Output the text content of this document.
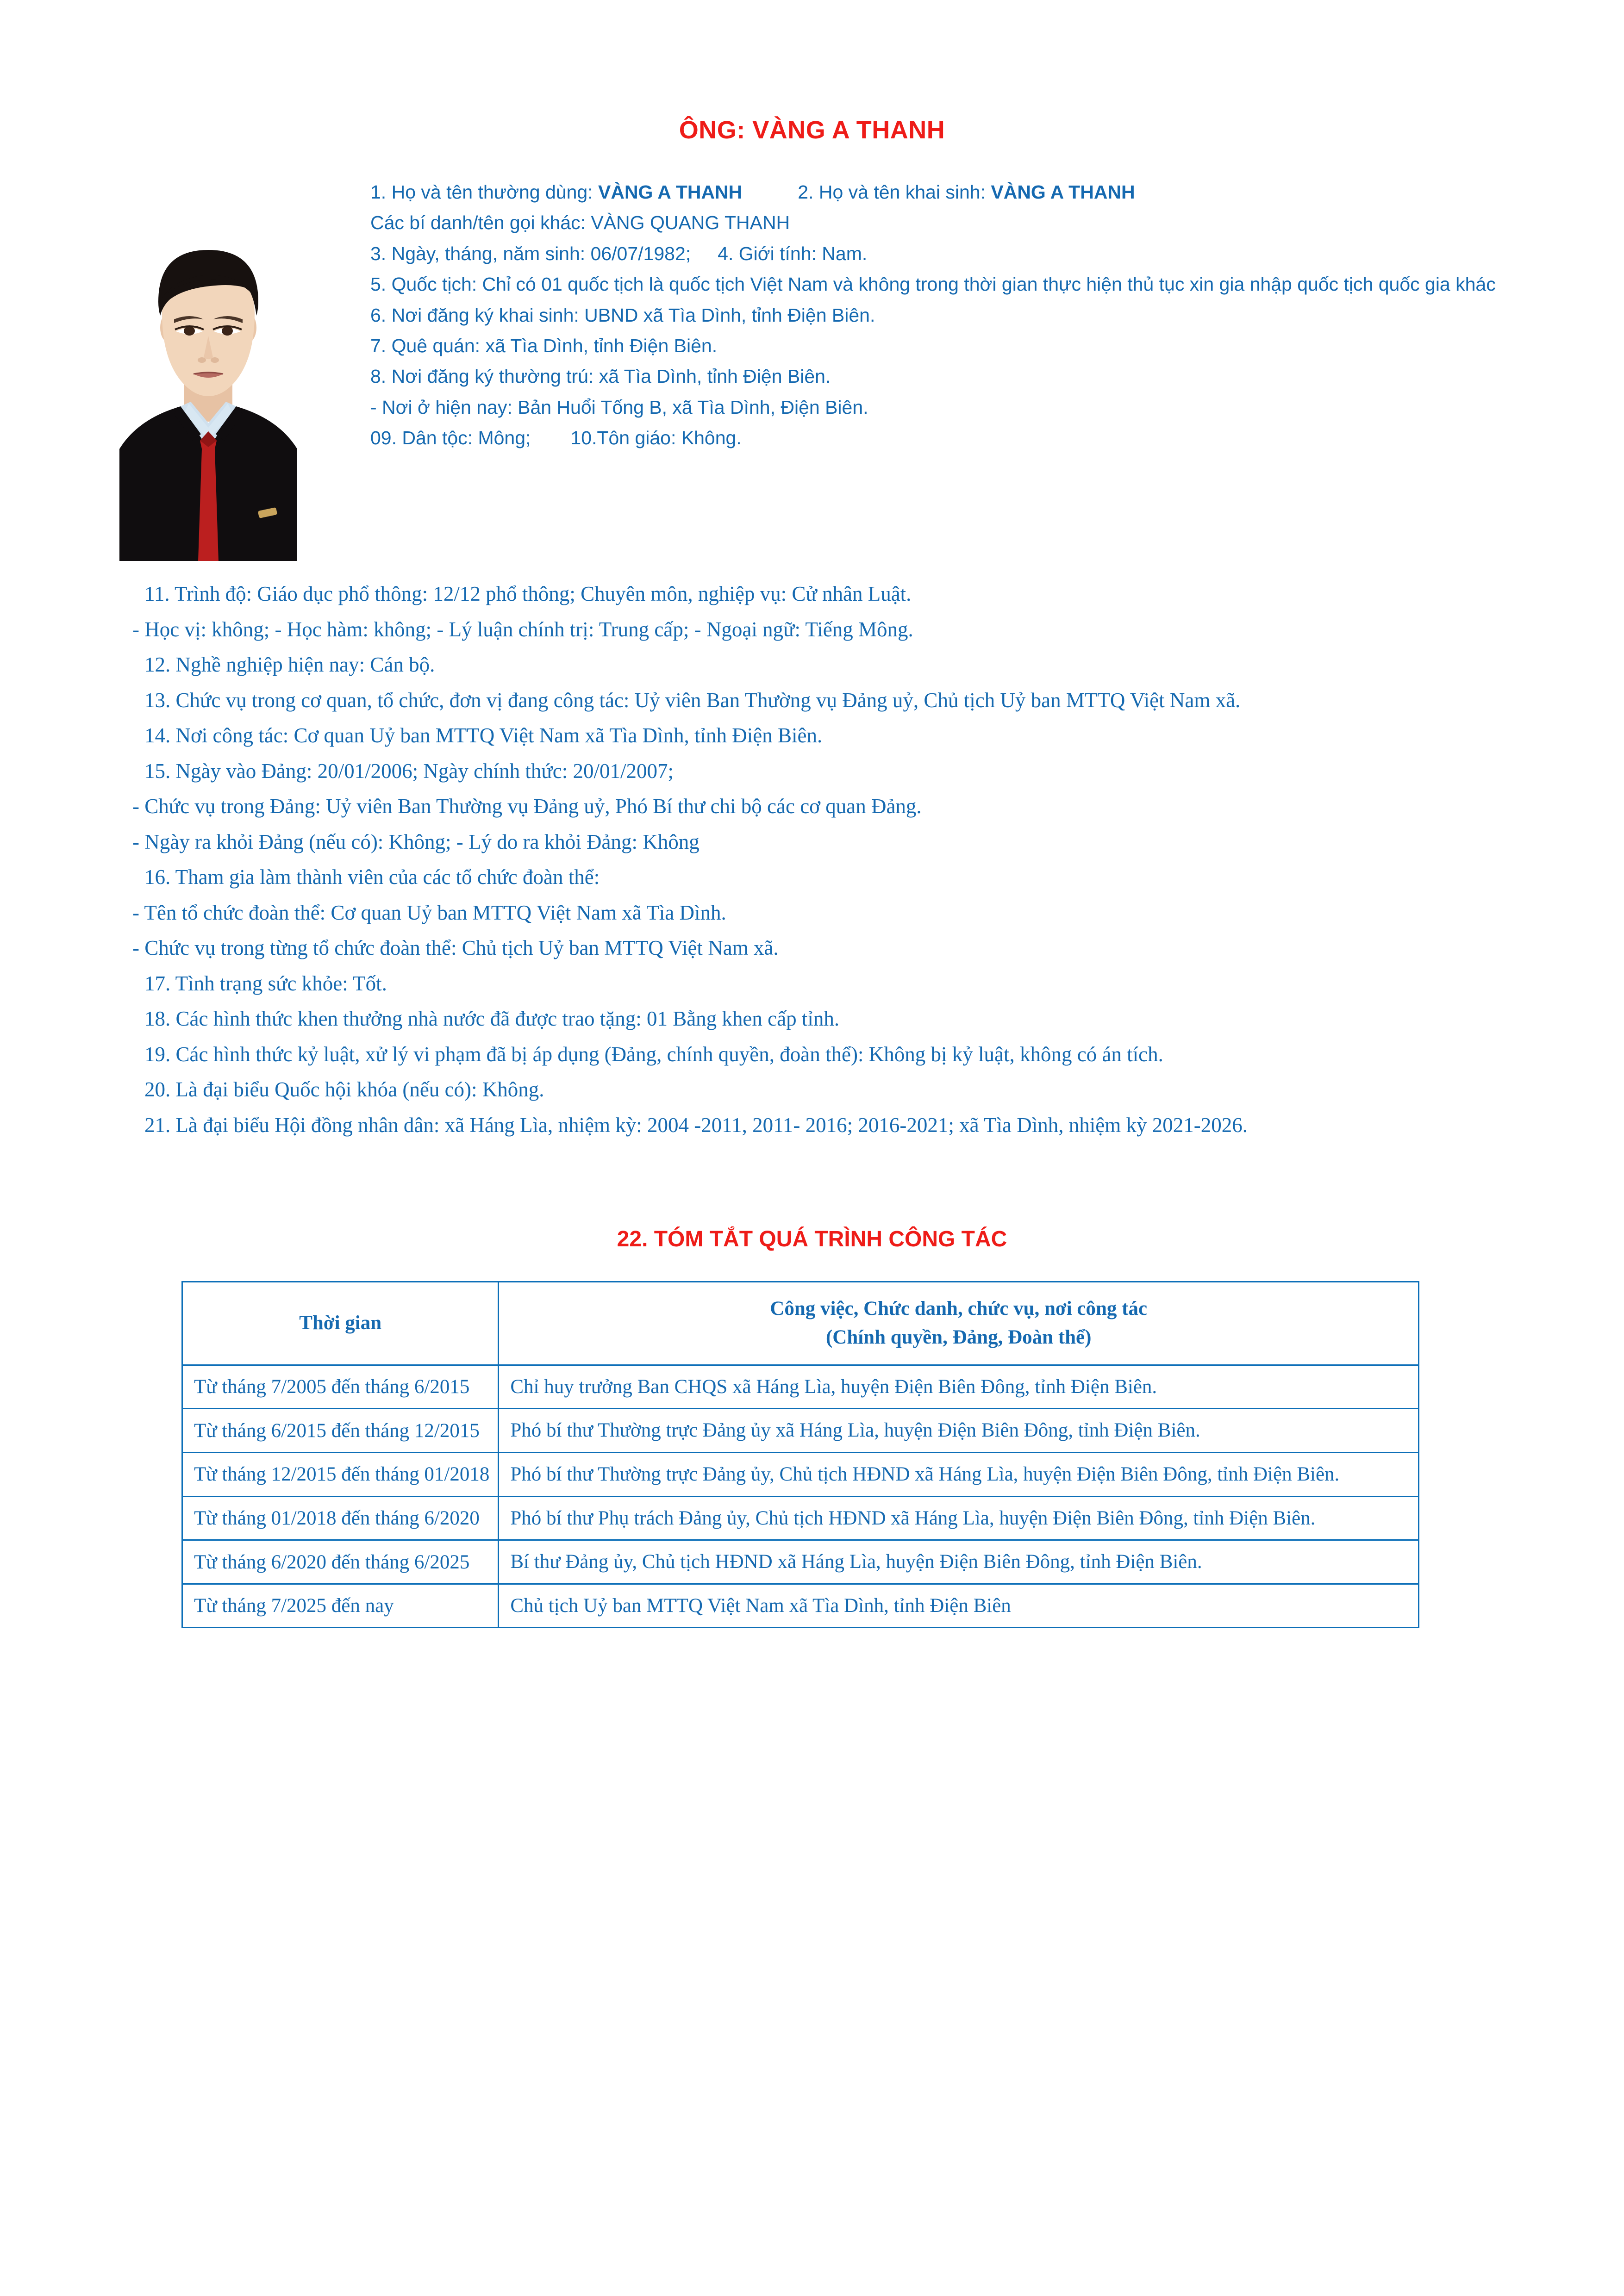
ÔNG: VÀNG A THANH
1. Họ và tên thường dùng: VÀNG A THANH	2. Họ và tên khai sinh: VÀNG A THANH
Các bí danh/tên gọi khác: VÀNG QUANG THANH
3. Ngày, tháng, năm sinh: 06/07/1982; 4. Giới tính: Nam.
5. Quốc tịch: Chỉ có 01 quốc tịch là quốc tịch Việt Nam và không trong thời gian thực hiện thủ tục xin gia nhập quốc tịch quốc gia khác
6. Nơi đăng ký khai sinh: UBND xã Tìa Dình, tỉnh Điện Biên.
7. Quê quán: xã Tìa Dình, tỉnh Điện Biên.
8. Nơi đăng ký thường trú: xã Tìa Dình, tỉnh Điện Biên.
- Nơi ở hiện nay: Bản Huổi Tống B, xã Tìa Dình, Điện Biên.
09. Dân tộc: Mông; 10.Tôn giáo: Không.

11. Trình độ: Giáo dục phổ thông: 12/12 phổ thông; Chuyên môn, nghiệp vụ: Cử nhân Luật.

- Học vị: không; - Học hàm: không; - Lý luận chính trị: Trung cấp; - Ngoại ngữ: Tiếng Mông.

12. Nghề nghiệp hiện nay: Cán bộ.

13. Chức vụ trong cơ quan, tổ chức, đơn vị đang công tác: Uỷ viên Ban Thường vụ Đảng uỷ, Chủ tịch Uỷ ban MTTQ Việt Nam xã.

14. Nơi công tác: Cơ quan Uỷ ban MTTQ Việt Nam xã Tìa Dình, tỉnh Điện Biên.

15. Ngày vào Đảng: 20/01/2006; Ngày chính thức: 20/01/2007;

- Chức vụ trong Đảng: Uỷ viên Ban Thường vụ Đảng uỷ, Phó Bí thư chi bộ các cơ quan Đảng.

- Ngày ra khỏi Đảng (nếu có): Không; - Lý do ra khỏi Đảng: Không

16. Tham gia làm thành viên của các tổ chức đoàn thể:

- Tên tổ chức đoàn thể: Cơ quan Uỷ ban MTTQ Việt Nam xã Tìa Dình.

- Chức vụ trong từng tổ chức đoàn thể: Chủ tịch Uỷ ban MTTQ Việt Nam xã.

17. Tình trạng sức khỏe: Tốt.

18. Các hình thức khen thưởng nhà nước đã được trao tặng: 01 Bằng khen cấp tỉnh.

19. Các hình thức kỷ luật, xử lý vi phạm đã bị áp dụng (Đảng, chính quyền, đoàn thể): Không bị kỷ luật, không có án tích.

20. Là đại biểu Quốc hội khóa (nếu có): Không.

21. Là đại biểu Hội đồng nhân dân: xã Háng Lìa, nhiệm kỳ: 2004 -2011, 2011- 2016; 2016-2021; xã Tìa Dình, nhiệm kỳ 2021-2026.

22. TÓM TẮT QUÁ TRÌNH CÔNG TÁC
Thời gian	Công việc, Chức danh, chức vụ, nơi công tác
(Chính quyền, Đảng, Đoàn thể)

Từ tháng 7/2005 đến tháng 6/2015	Chỉ huy trưởng Ban CHQS xã Háng Lìa, huyện Điện Biên Đông, tỉnh Điện Biên.
Từ tháng 6/2015 đến tháng 12/2015	Phó bí thư Thường trực Đảng ủy xã Háng Lìa, huyện Điện Biên Đông, tỉnh Điện Biên.
Từ tháng 12/2015 đến tháng 01/2018	Phó bí thư Thường trực Đảng ủy, Chủ tịch HĐND xã Háng Lìa, huyện Điện Biên Đông, tỉnh Điện Biên.
Từ tháng 01/2018 đến tháng 6/2020	Phó bí thư Phụ trách Đảng ủy, Chủ tịch HĐND xã Háng Lìa, huyện Điện Biên Đông, tỉnh Điện Biên.
Từ tháng 6/2020 đến tháng 6/2025	Bí thư Đảng ủy, Chủ tịch HĐND xã Háng Lìa, huyện Điện Biên Đông, tỉnh Điện Biên.
Từ tháng 7/2025 đến nay	Chủ tịch Uỷ ban MTTQ Việt Nam xã Tìa Dình, tỉnh Điện Biên
